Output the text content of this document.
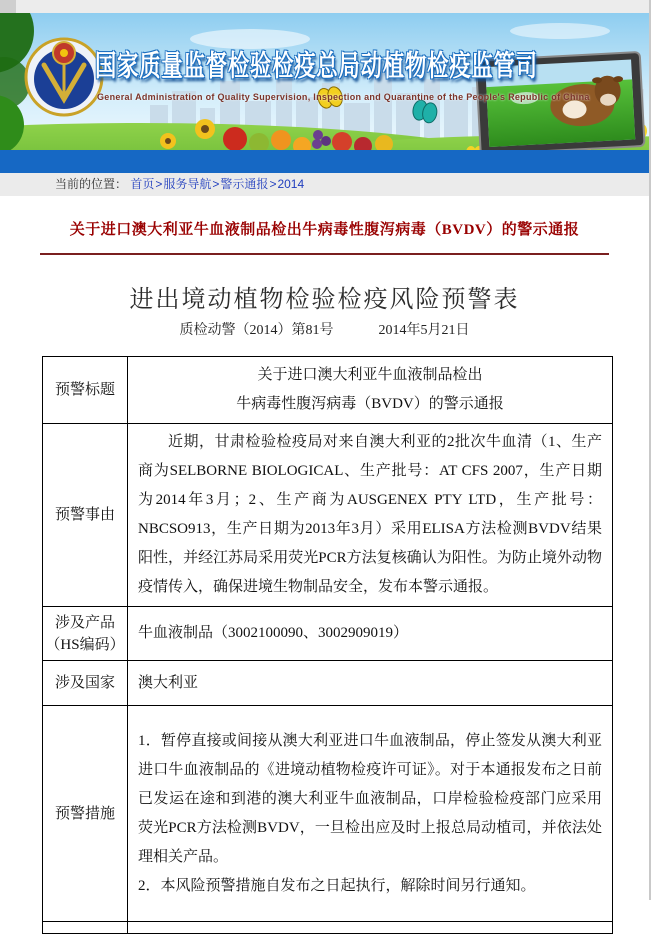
国家质量监督检验检疫总局动植物检疫监管司
General Administration of Quality Supervision, Inspection and Quarantine of the People's Republic of China
当前的位置： 首页>服务导航>警示通报>2014
关于进口澳大利亚牛血液制品检出牛病毒性腹泻病毒（BVDV）的警示通报
进出境动植物检验检疫风险预警表
质检动警（2014）第81号	2014年5月21日
预警标题	关于进口澳大利亚牛血液制品检出
牛病毒性腹泻病毒（BVDV）的警示通报

预警事由	近期，甘肃检验检疫局对来自澳大利亚的2批次牛血清（1、生产商为SELBORNE BIOLOGICAL、生产批号：AT CFS 2007，生产日期为2014年3月；2、生产商为AUSGENEX PTY LTD，生产批号：NBCSO913，生产日期为2013年3月）采用ELISA方法检测BVDV结果阳性，并经江苏局采用荧光PCR方法复核确认为阳性。为防止境外动物疫情传入，确保进境生物制品安全，发布本警示通报。

涉及产品
（HS编码）	牛血液制品（3002100090、3002909019）
涉及国家	澳大利亚
预警措施	1．暂停直接或间接从澳大利亚进口牛血液制品，停止签发从澳大利亚进口牛血液制品的《进境动植物检疫许可证》。对于本通报发布之日前已发运在途和到港的澳大利亚牛血液制品，口岸检验检疫部门应采用荧光PCR方法检测BVDV，一旦检出应及时上报总局动植司，并依法处理相关产品。

2．本风险预警措施自发布之日起执行，解除时间另行通知。
